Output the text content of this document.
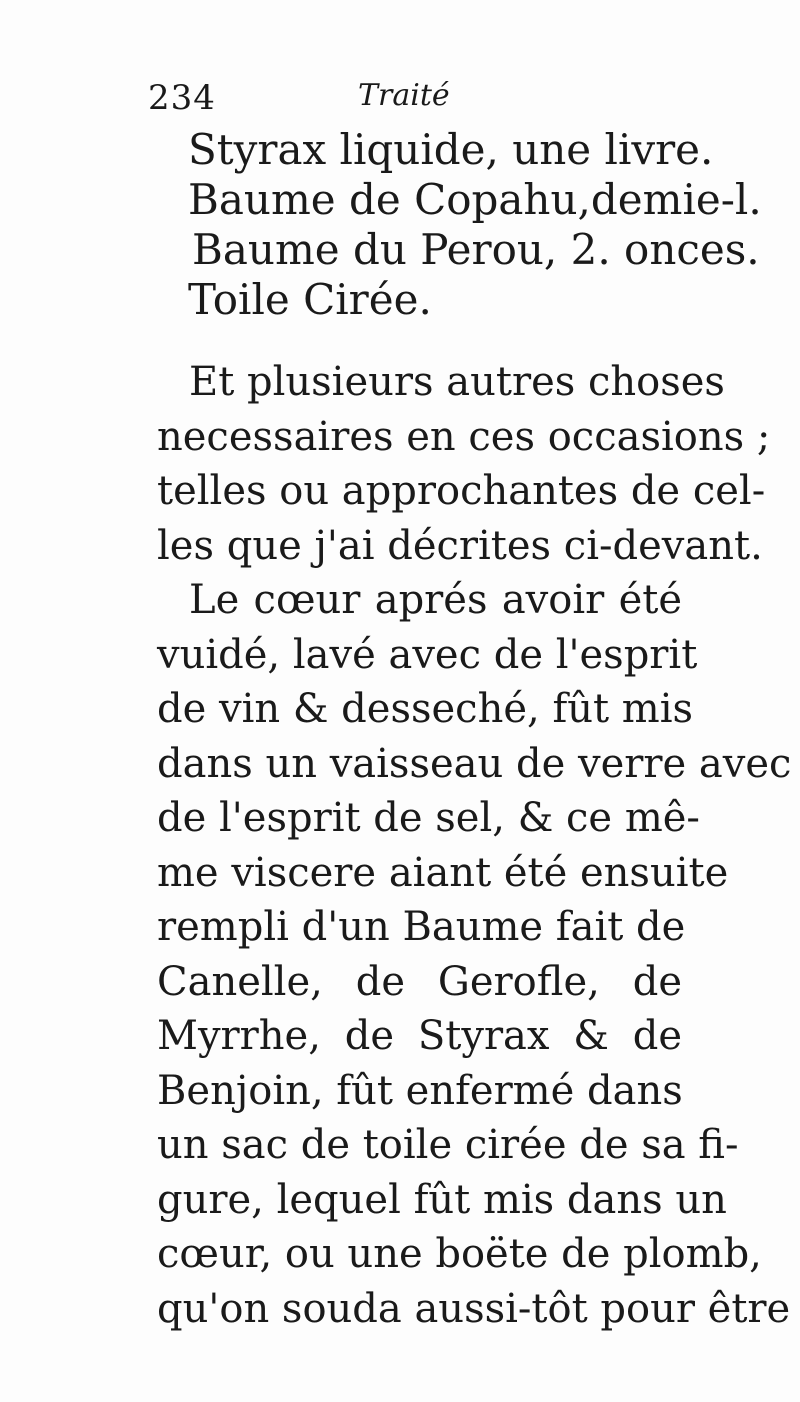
234	Traité
Styrax liquide, une livre.
Baume de Copahu,demie-l.
Baume du Perou, 2. onces.
Toile Cirée.
Et plusieurs autres choses
necessaires en ces occasions ;
telles ou approchantes de cel-
les que j'ai décrites ci-devant.
Le cœur aprés avoir été
vuidé, lavé avec de l'esprit
de vin & desseché, fût mis
dans un vaisseau de verre avec
de l'esprit de sel, & ce mê-
me viscere aiant été ensuite
rempli d'un Baume fait de
Canelle, de Gerofle, de
Myrrhe, de Styrax & de
Benjoin, fût enfermé dans
un sac de toile cirée de sa fi-
gure, lequel fût mis dans un
cœur, ou une boëte de plomb,
qu'on souda aussi-tôt pour être
